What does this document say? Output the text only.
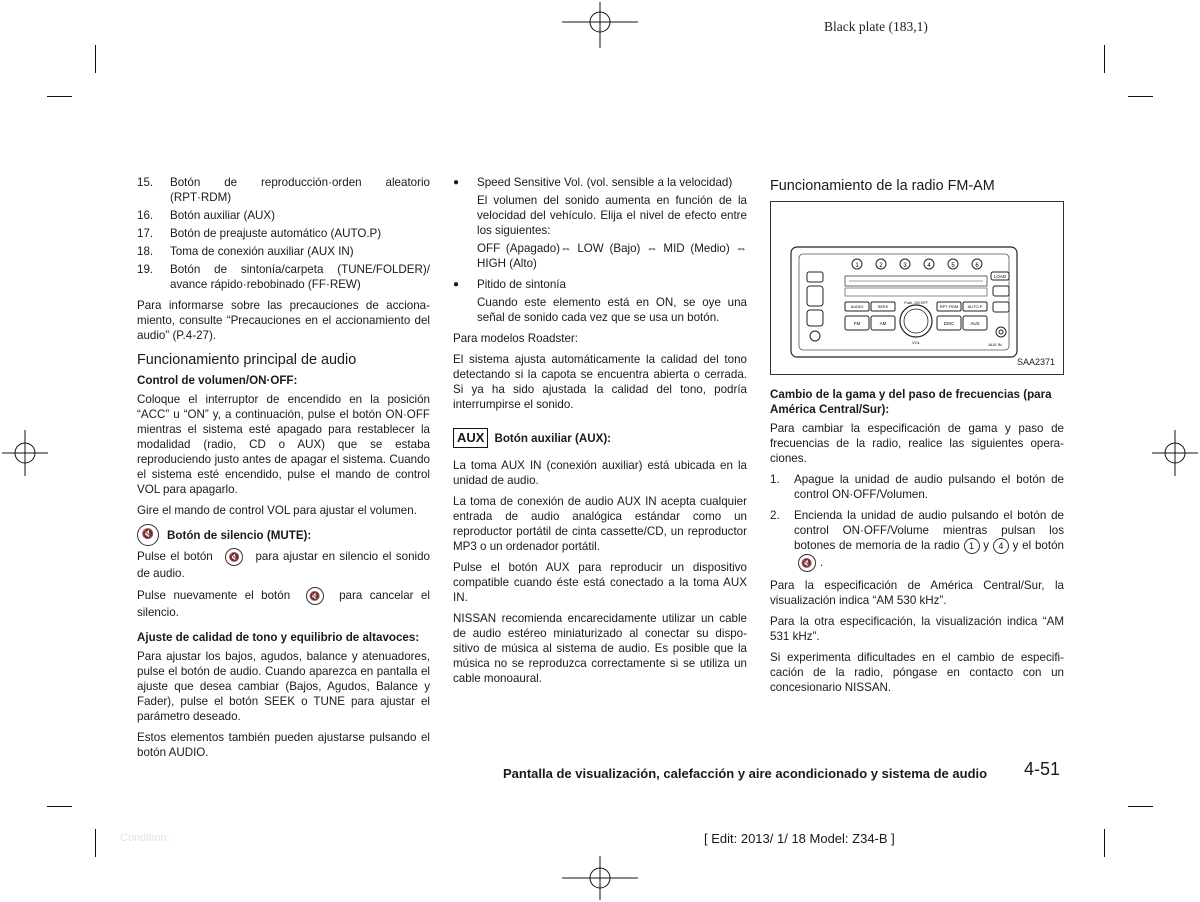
Black plate (183,1)
15.	Botón de reproducción·orden aleatorio (RPT·RDM)
16.	Botón auxiliar (AUX)
17.	Botón de preajuste automático (AUTO.P)
18.	Toma de conexión auxiliar (AUX IN)
19.	Botón de sintonía/carpeta (TUNE/FOLDER)/ avance rápido·rebobinado (FF·REW)

Para informarse sobre las precauciones de acciona- miento, consulte “Precauciones en el accionamiento del audio” (P.4-27).

Funcionamiento principal de audio
Control de volumen/ON·OFF:

Coloque el interruptor de encendido en la posición “ACC” u “ON” y, a continuación, pulse el botón ON·OFF mientras el sistema esté apagado para restablecer la modalidad (radio, CD o AUX) que se estaba reproduciendo justo antes de apagar el sistema. Cuando el sistema esté encendido, pulse el mando de control VOL para apagarlo.

Gire el mando de control VOL para ajustar el volumen.

🔇	Botón de silencio (MUTE):

Pulse el botón 🔇 para ajustar en silencio el sonido de audio.

Pulse nuevamente el botón 🔇 para cancelar el silencio.

Ajuste de calidad de tono y equilibrio de altavoces:

Para ajustar los bajos, agudos, balance y atenuadores, pulse el botón de audio. Cuando aparezca en pantalla el ajuste que desea cambiar (Bajos, Agudos, Balance y Fader), pulse el botón SEEK o TUNE para ajustar el parámetro deseado.

Estos elementos también pueden ajustarse pulsando el botón AUDIO.

●	Speed Sensitive Vol. (vol. sensible a la velocidad)

El volumen del sonido aumenta en función de la velocidad del vehículo. Elija el nivel de efecto entre los siguientes:

OFF (Apagado)⇔ LOW (Bajo) ⇔ MID (Medio) ⇔ HIGH (Alto)

●	Pitido de sintonía

Cuando este elemento está en ON, se oye una señal de sonido cada vez que se usa un botón.

Para modelos Roadster:

El sistema ajusta automáticamente la calidad del tono detectando si la capota se encuentra abierta o cerrada. Si ya ha sido ajustada la calidad del tono, podría interrumpirse el sonido.

AUX Botón auxiliar (AUX):

La toma AUX IN (conexión auxiliar) está ubicada en la unidad de audio.

La toma de conexión de audio AUX IN acepta cualquier entrada de audio analógica estándar como un reproductor portátil de cinta cassette/CD, un reproductor MP3 o un ordenador portátil.

Pulse el botón AUX para reproducir un dispositivo compatible cuando éste está conectado a la toma AUX IN.

NISSAN recomienda encarecidamente utilizar un cable de audio estéreo miniaturizado al conectar su dispo- sitivo de música al sistema de audio. Es posible que la música no se reproduzca correctamente si se utiliza un cable monoaural.

Funcionamiento de la radio FM-AM
1	2	3	4	5	6
LOAD
AUDIO	SEEK
Push -ON·OFF
RPT·RDM AUTO.P
FM	AM	DISC	AUX
VOL	AUX IN
SAA2371
Cambio de la gama y del paso de frecuencias (para América Central/Sur):

Para cambiar la especificación de gama y paso de frecuencias de la radio, realice las siguientes opera- ciones.

1.	Apague la unidad de audio pulsando el botón de control ON·OFF/Volumen.
2.	Encienda la unidad de audio pulsando el botón de control ON·OFF/Volume mientras pulsan los botones de memoria de la radio 1 y 4 y el botón 🔇 .

Para la especificación de América Central/Sur, la visualización indica “AM 530 kHz”.

Para la otra especificación, la visualización indica “AM 531 kHz”.

Si experimenta dificultades en el cambio de especifi- cación de la radio, póngase en contacto con un concesionario NISSAN.

Pantalla de visualización, calefacción y aire acondicionado y sistema de audio 4-51
Condition:	[ Edit: 2013/ 1/ 18 Model: Z34-B ]
